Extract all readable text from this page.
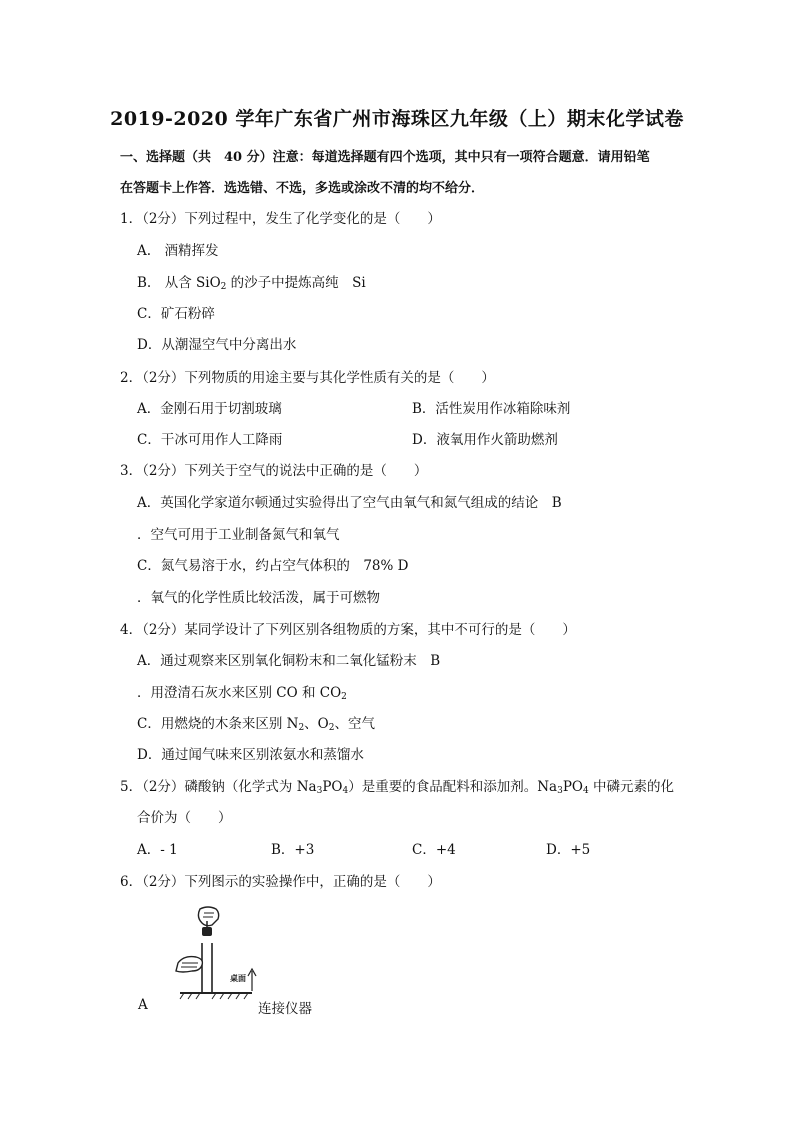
2019-2020 学年广东省广州市海珠区九年级（上）期末化学试卷
一、选择题（共　40 分）注意：每道选择题有四个选项，其中只有一项符合题意．请用铅笔
在答题卡上作答．选选错、不选，多选或涂改不清的均不给分．
1．（2分）下列过程中，发生了化学变化的是（　　）
A.　酒精挥发
B.　从含 SiO$_2$ 的沙子中提炼高纯　Si
C．矿石粉碎
D．从潮湿空气中分离出水
2．（2分）下列物质的用途主要与其化学性质有关的是（　　）
A．金刚石用于切割玻璃	B．活性炭用作冰箱除味剂
C．干冰可用作人工降雨	D．液氧用作火箭助燃剂
3．（2分）下列关于空气的说法中正确的是（　　）
A．英国化学家道尔顿通过实验得出了空气由氧气和氮气组成的结论　B
．空气可用于工业制备氮气和氧气
C．氮气易溶于水，约占空气体积的　78% D
．氧气的化学性质比较活泼，属于可燃物
4．（2分）某同学设计了下列区别各组物质的方案，其中不可行的是（　　）
A．通过观察来区别氧化铜粉末和二氧化锰粉末　B
．用澄清石灰水来区别 CO 和 $CO_2$
C．用燃烧的木条来区别 $N_2$、$O_2$、空气
D．通过闻气味来区别浓氨水和蒸馏水
5．（2分）磷酸钠（化学式为 $Na_3PO_4$）是重要的食品配料和添加剂。$Na_3PO_4$ 中磷元素的化
合价为（　　）
A．- 1	B．+3	C．+4	D．+5
6．（2分）下列图示的实验操作中，正确的是（　　）
桌面
A	连接仪器
